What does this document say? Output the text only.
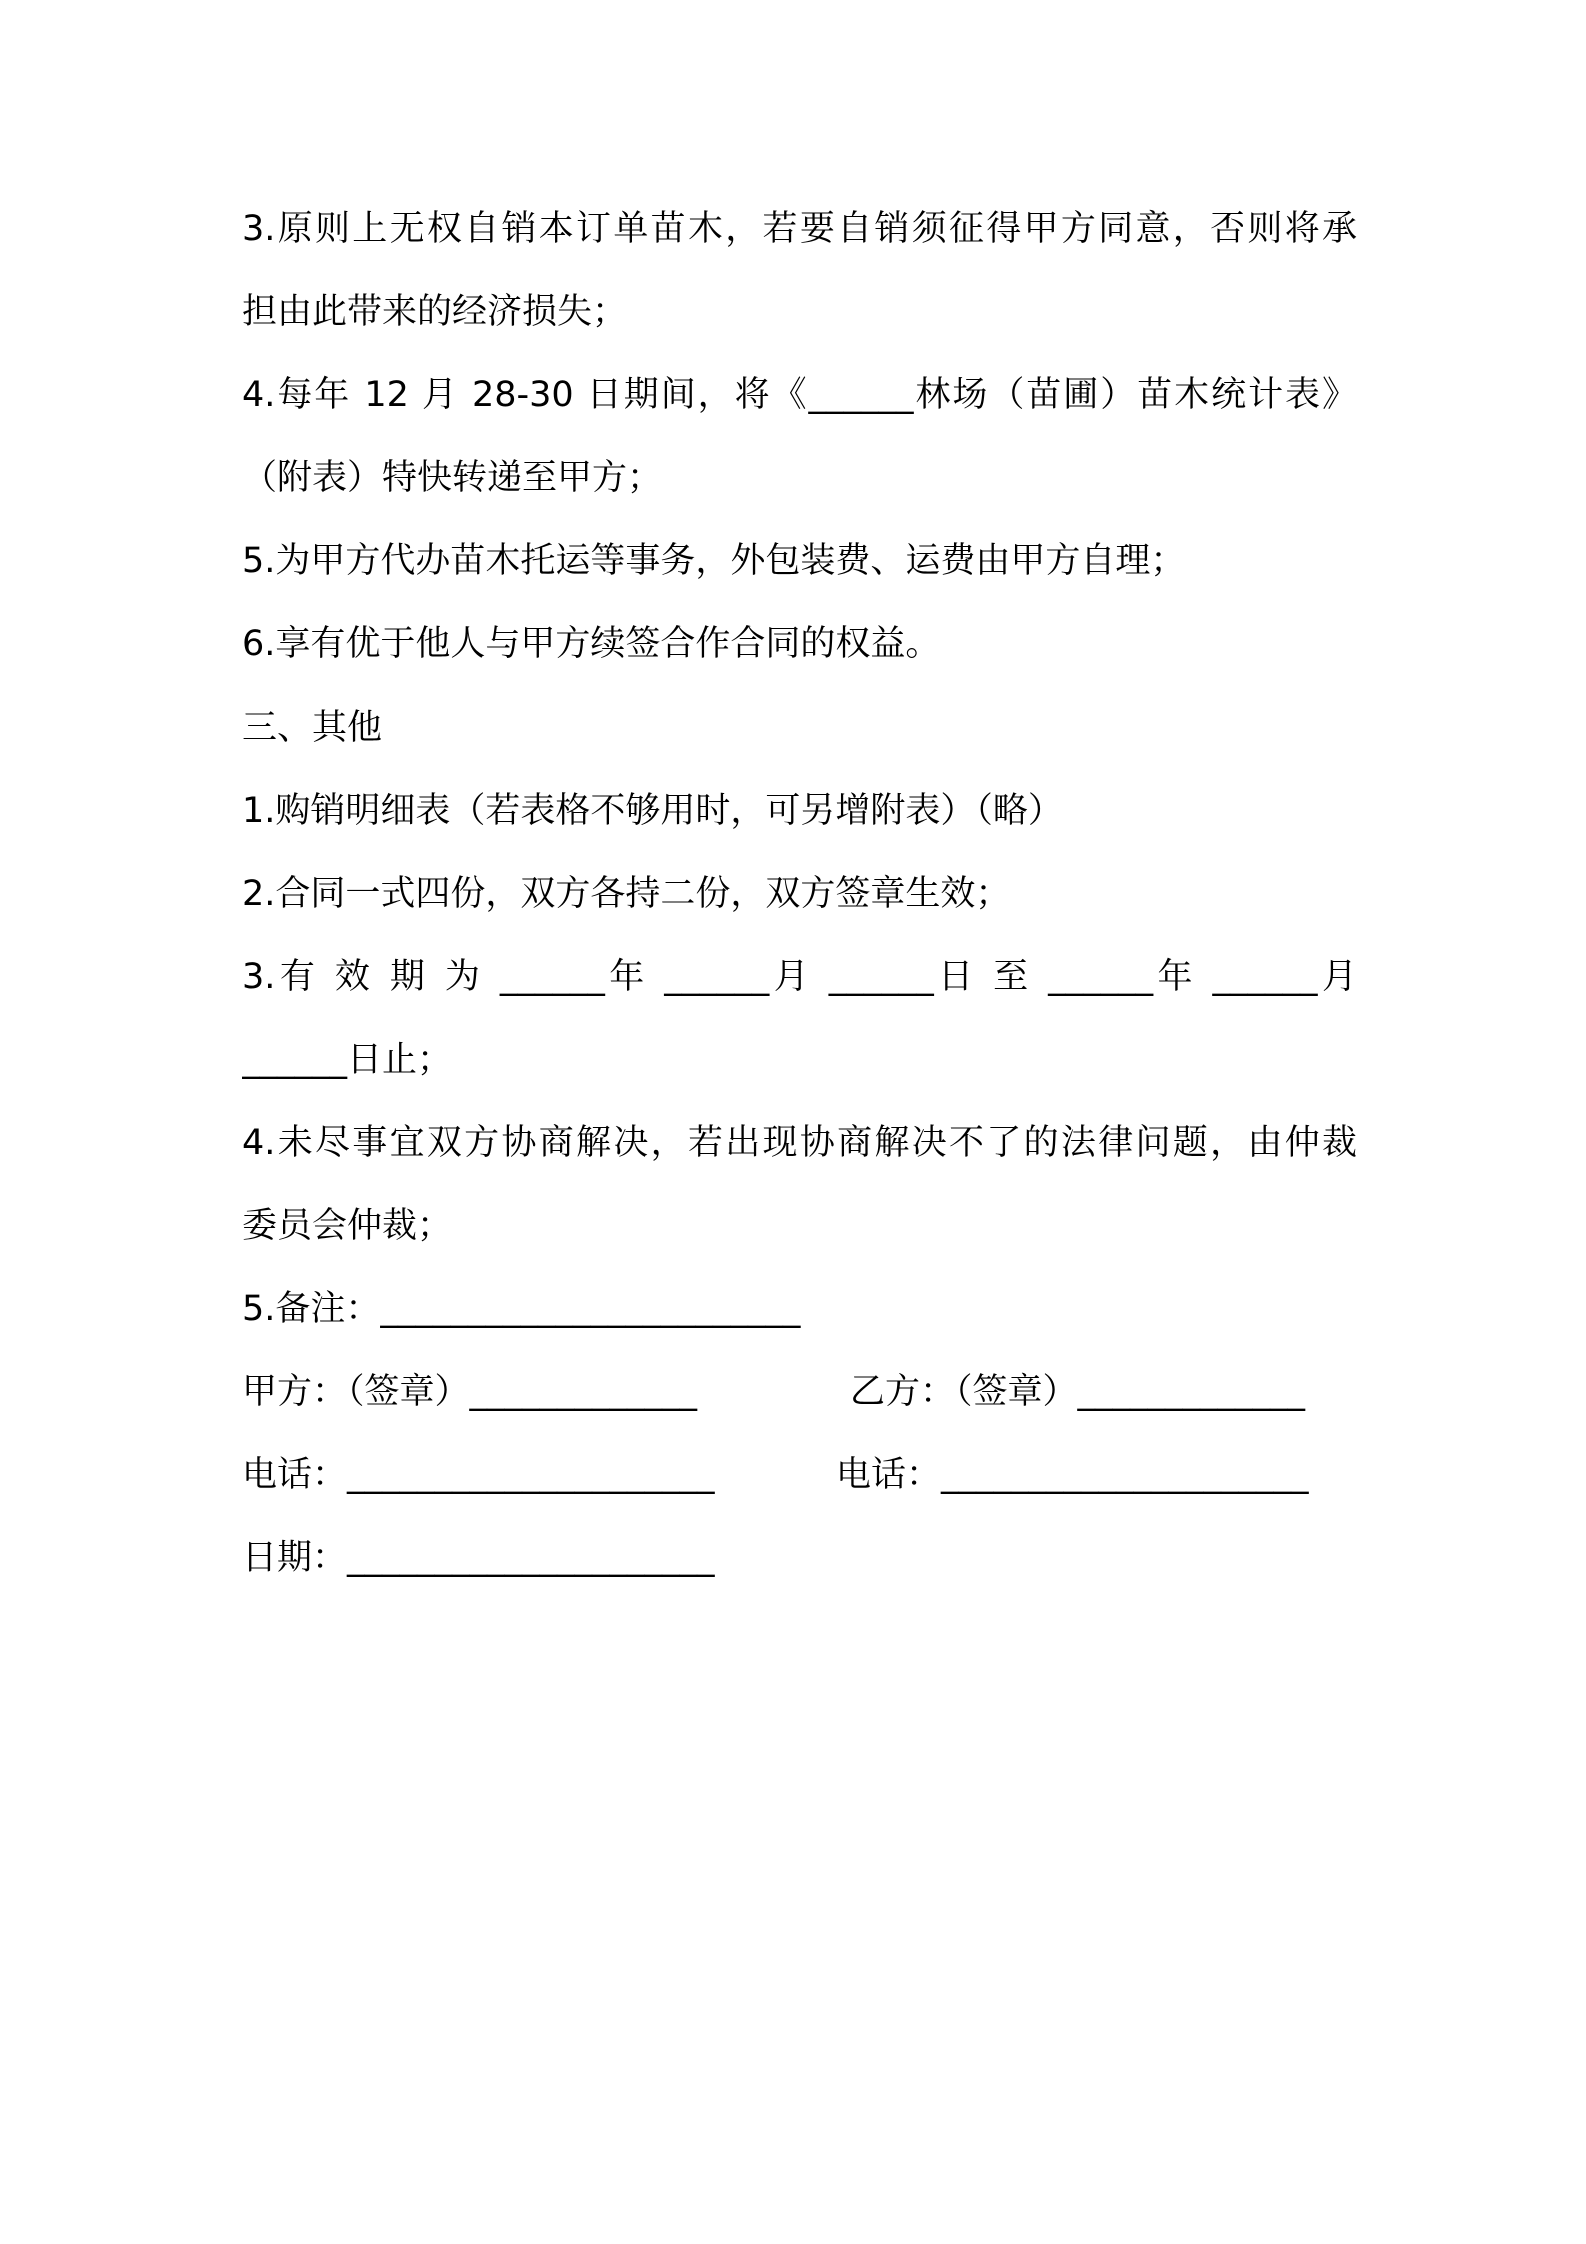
3.原则上无权自销本订单苗木，若要自销须征得甲方同意，否则将承
担由此带来的经济损失；
4.每年 12 月 28-30 日期间，将《______林场（苗圃）苗木统计表》
（附表）特快转递至甲方；
5.为甲方代办苗木托运等事务，外包装费、运费由甲方自理；
6.享有优于他人与甲方续签合作合同的权益。
三、其他
1.购销明细表（若表格不够用时，可另增附表）（略）
2.合同一式四份，双方各持二份，双方签章生效；
3.有 效 期 为 ______年 ______月 ______日 至 ______年 ______月
______日止；
4.未尽事宜双方协商解决，若出现协商解决不了的法律问题，由仲裁
委员会仲裁；
5.备注：________________________
甲方：（签章）_____________	乙方：（签章）_____________
电话：_____________________	电话：_____________________
日期：_____________________
